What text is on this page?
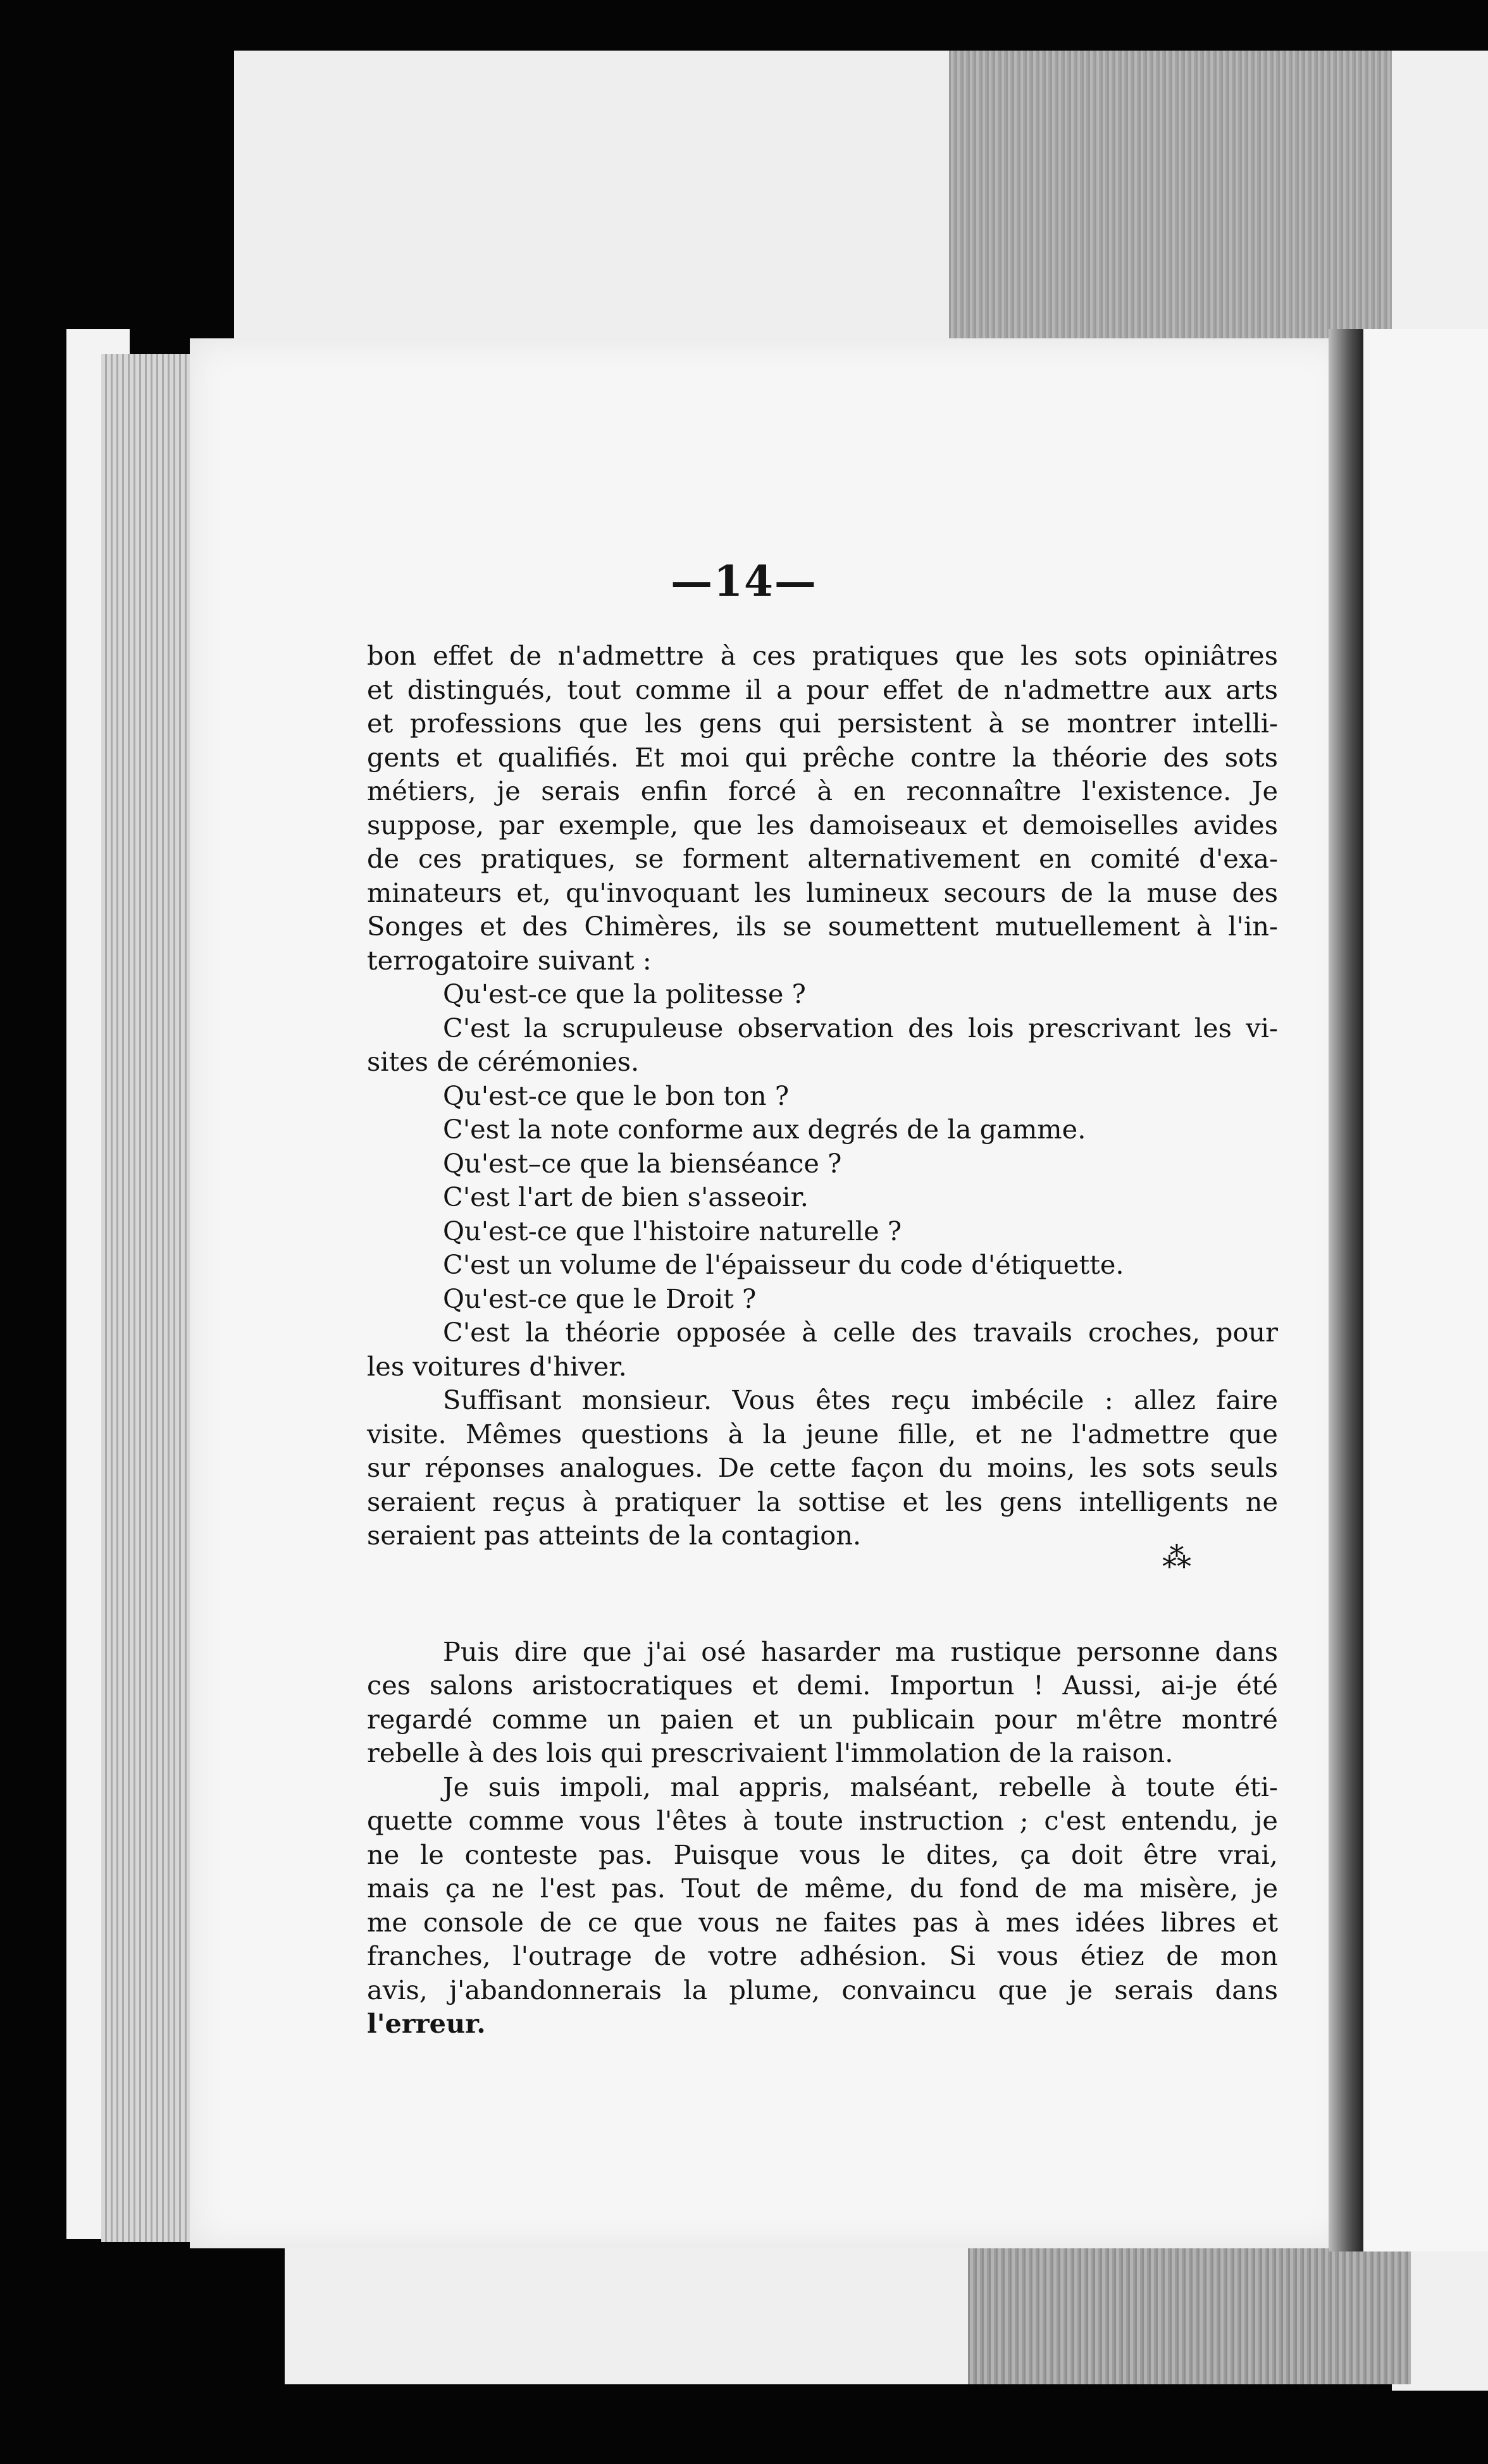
—14—
bon effet de n'admettre à ces pratiques que les sots opiniâtres
et distingués, tout comme il a pour effet de n'admettre aux arts
et professions que les gens qui persistent à se montrer intelli-
gents et qualifiés. Et moi qui prêche contre la théorie des sots
métiers, je serais enfin forcé à en reconnaître l'existence. Je
suppose, par exemple, que les damoiseaux et demoiselles avides
de ces pratiques, se forment alternativement en comité d'exa-
minateurs et, qu'invoquant les lumineux secours de la muse des
Songes et des Chimères, ils se soumettent mutuellement à l'in-
terrogatoire suivant :
Qu'est-ce que la politesse ?
C'est la scrupuleuse observation des lois prescrivant les vi-
sites de cérémonies.
Qu'est-ce que le bon ton ?
C'est la note conforme aux degrés de la gamme.
Qu'est–ce que la bienséance ?
C'est l'art de bien s'asseoir.
Qu'est-ce que l'histoire naturelle ?
C'est un volume de l'épaisseur du code d'étiquette.
Qu'est-ce que le Droit ?
C'est la théorie opposée à celle des travails croches, pour
les voitures d'hiver.
Suffisant monsieur. Vous êtes reçu imbécile : allez faire
visite. Mêmes questions à la jeune fille, et ne l'admettre que
sur réponses analogues. De cette façon du moins, les sots seuls
seraient reçus à pratiquer la sottise et les gens intelligents ne
seraient pas atteints de la contagion.
⁂
Puis dire que j'ai osé hasarder ma rustique personne dans
ces salons aristocratiques et demi. Importun ! Aussi, ai-je été
regardé comme un paien et un publicain pour m'être montré
rebelle à des lois qui prescrivaient l'immolation de la raison.
Je suis impoli, mal appris, malséant, rebelle à toute éti-
quette comme vous l'êtes à toute instruction ; c'est entendu, je
ne le conteste pas. Puisque vous le dites, ça doit être vrai,
mais ça ne l'est pas. Tout de même, du fond de ma misère, je
me console de ce que vous ne faites pas à mes idées libres et
franches, l'outrage de votre adhésion. Si vous étiez de mon
avis, j'abandonnerais la plume, convaincu que je serais dans
l'erreur.
